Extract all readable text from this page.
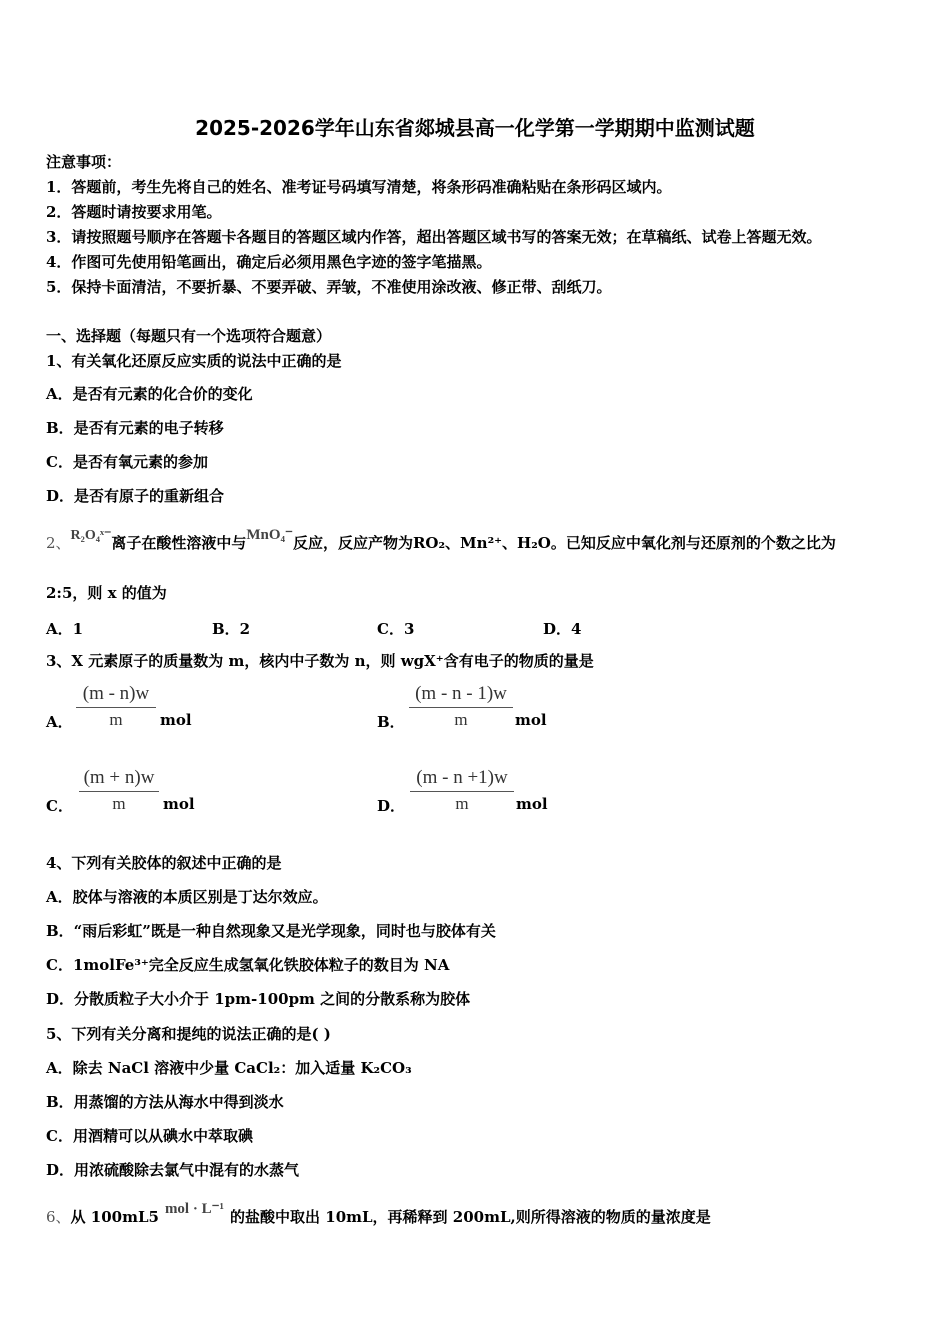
2025-2026学年山东省郯城县高一化学第一学期期中监测试题
注意事项：
1．答题前，考生先将自己的姓名、准考证号码填写清楚，将条形码准确粘贴在条形码区域内。
2．答题时请按要求用笔。
3．请按照题号顺序在答题卡各题目的答题区域内作答，超出答题区域书写的答案无效；在草稿纸、试卷上答题无效。
4．作图可先使用铅笔画出，确定后必须用黑色字迹的签字笔描黑。
5．保持卡面清洁，不要折暴、不要弄破、弄皱，不准使用涂改液、修正带、刮纸刀。
一、选择题（每题只有一个选项符合题意）
1、有关氧化还原反应实质的说法中正确的是
A．是否有元素的化合价的变化
B．是否有元素的电子转移
C．是否有氧元素的参加
D．是否有原子的重新组合
2、R₂O₄ˣ⁻离子在酸性溶液中与MnO₄⁻反应，反应产物为RO₂、Mn²⁺、H₂O。已知反应中氧化剂与还原剂的个数之比为
2:5，则 x 的值为
A．1	B．2	C．3	D．4
3、X 元素原子的质量数为 m，核内中子数为 n，则 wgX⁺含有电子的物质的量是
A．
(m - n)w
m	mol	B．
(m - n - 1)w
m	mol
C．
(m + n)w
m	mol	D．
(m - n +1)w
m	mol
4、下列有关胶体的叙述中正确的是
A．胶体与溶液的本质区别是丁达尔效应。
B．“雨后彩虹”既是一种自然现象又是光学现象，同时也与胶体有关
C．1molFe³⁺完全反应生成氢氧化铁胶体粒子的数目为 NA
D．分散质粒子大小介于 1pm-100pm 之间的分散系称为胶体
5、下列有关分离和提纯的说法正确的是( )
A．除去 NaCl 溶液中少量 CaCl₂：加入适量 K₂CO₃
B．用蒸馏的方法从海水中得到淡水
C．用酒精可以从碘水中萃取碘
D．用浓硫酸除去氯气中混有的水蒸气
6、从 100mL5 mol · L⁻¹ 的盐酸中取出 10mL，再稀释到 200mL,则所得溶液的物质的量浓度是
